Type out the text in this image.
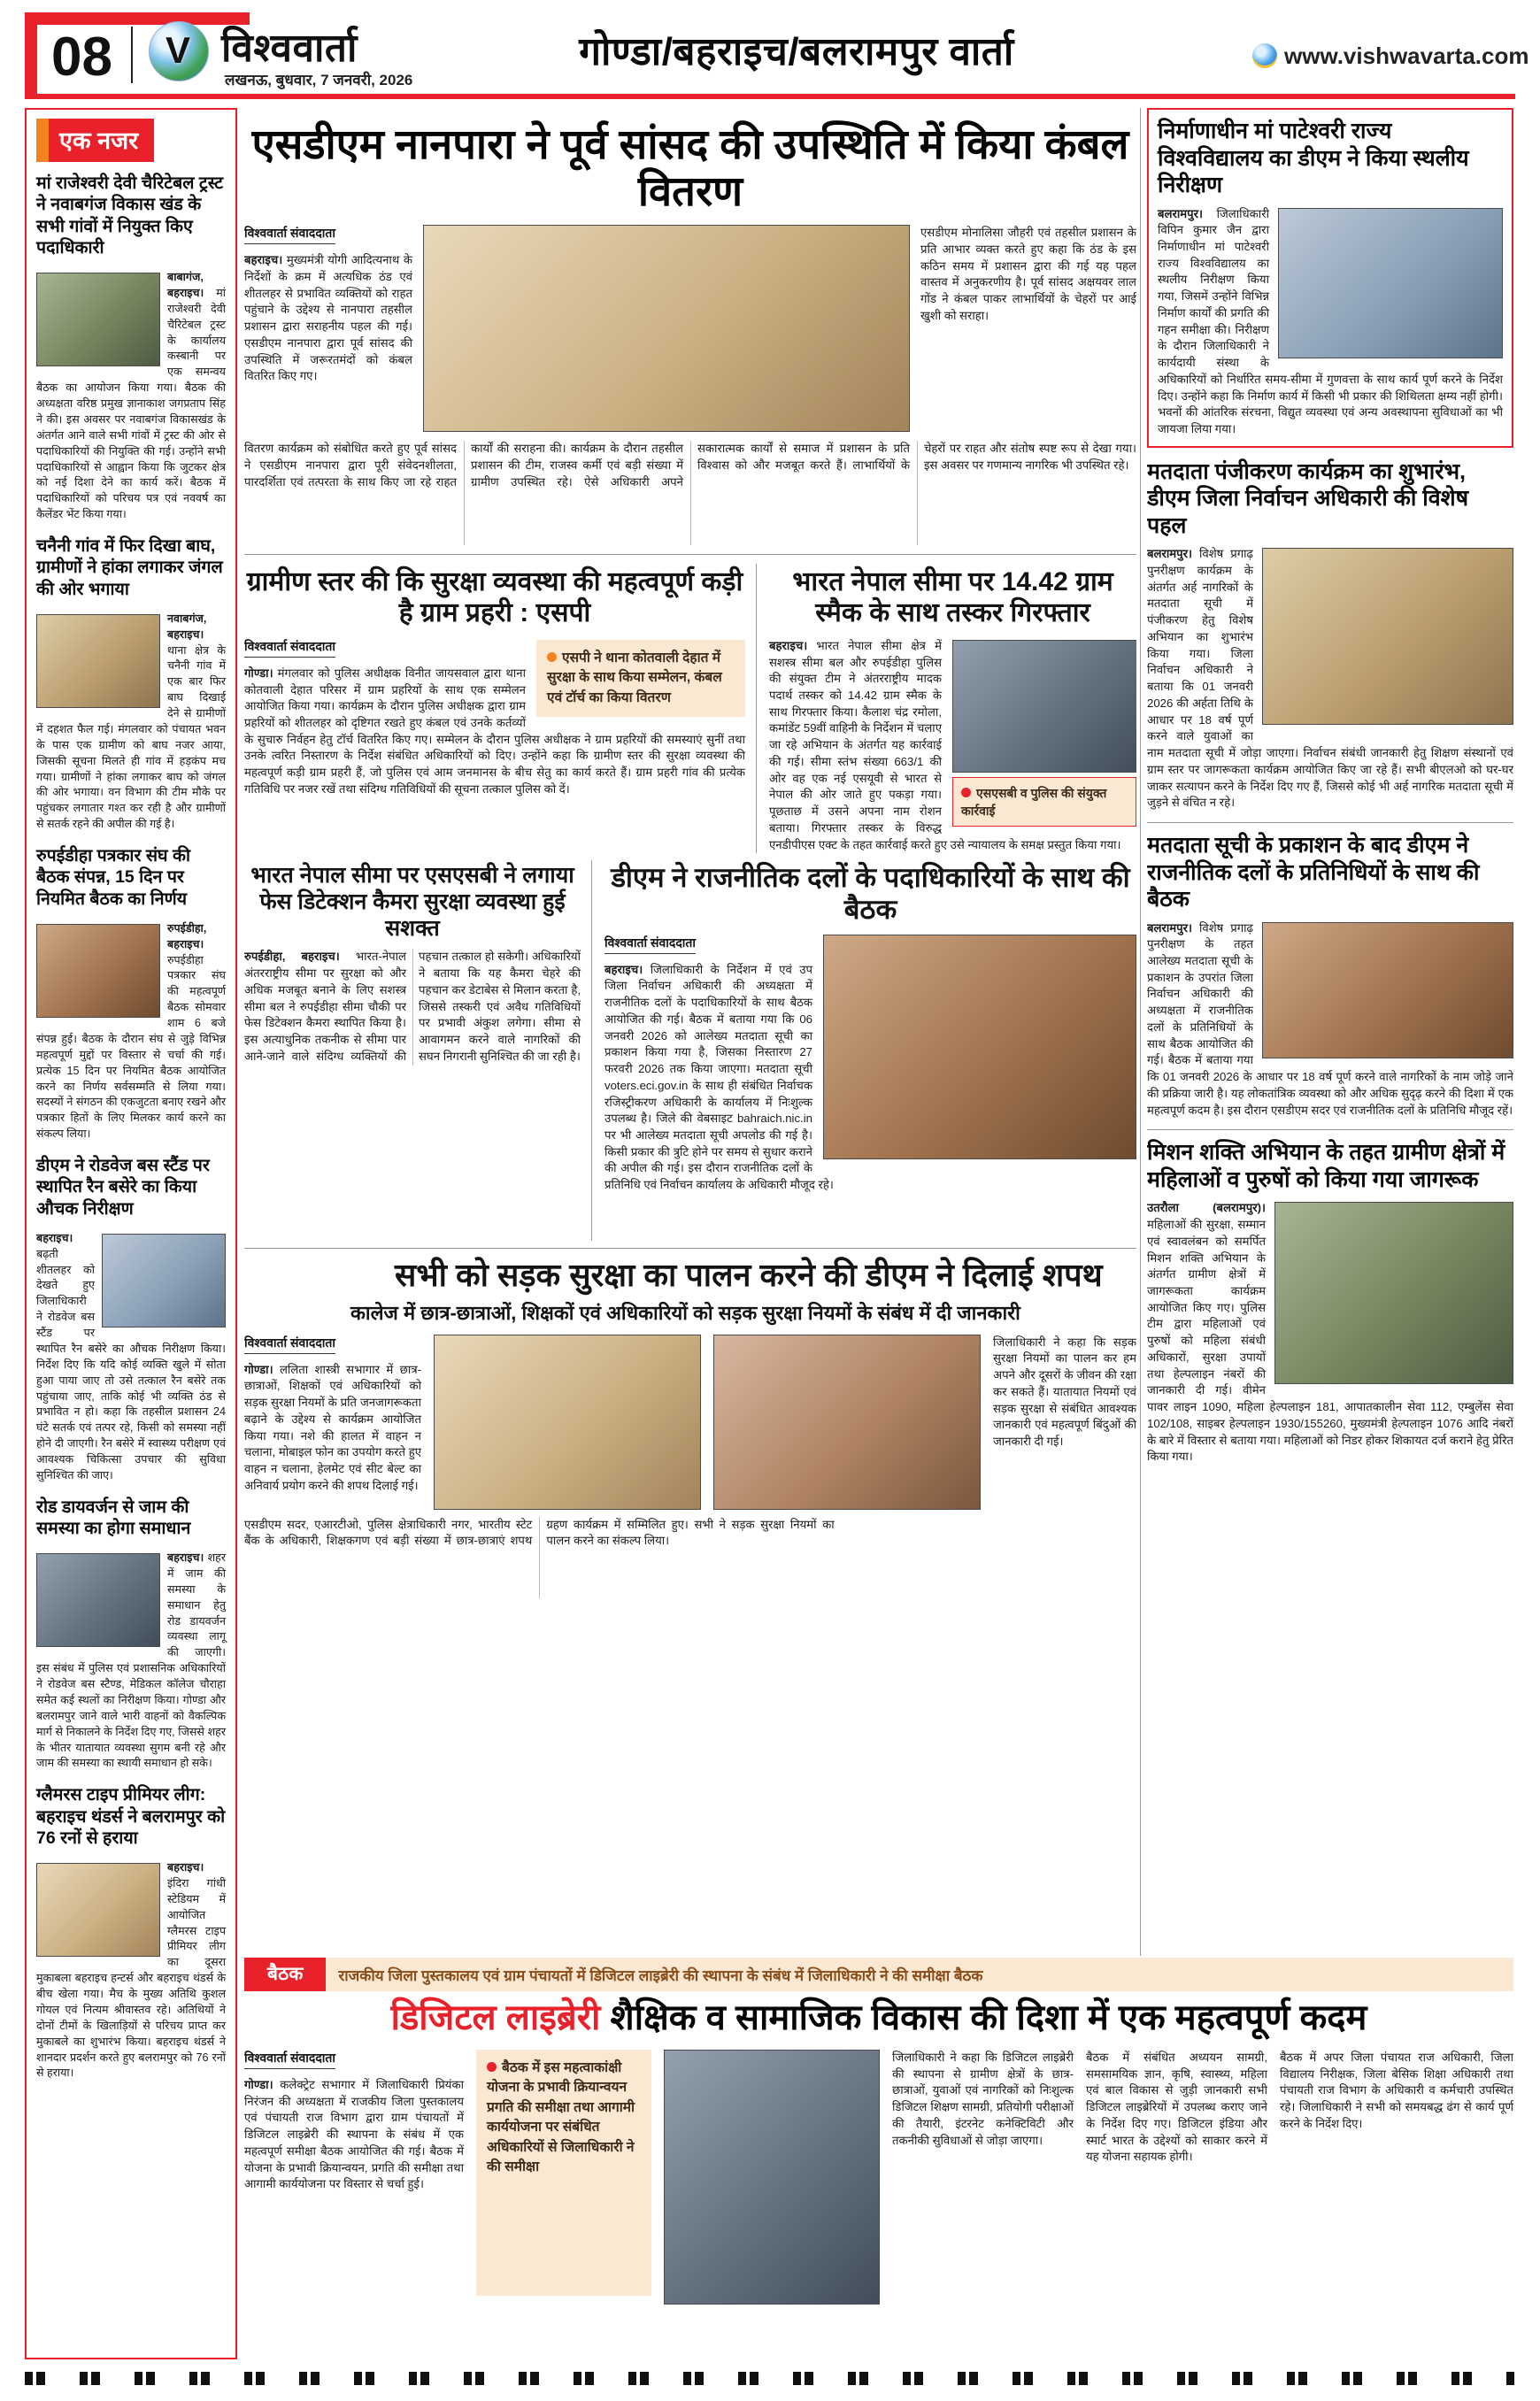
08 V विश्ववार्ता
लखनऊ, बुधवार, 7 जनवरी, 2026
गोण्डा/बहराइच/बलरामपुर वार्ता	www.vishwavarta.com
एक नजर
मां राजेश्वरी देवी चैरिटेबल ट्रस्ट ने नवाबगंज विकास खंड के सभी गांवों में नियुक्त किए पदाधिकारी

बाबागंज, बहराइच। मां राजेश्वरी देवी चैरिटेबल ट्रस्ट के कार्यालय कस्बानी पर एक समन्वय बैठक का आयोजन किया गया। बैठक की अध्यक्षता वरिष्ठ प्रमुख ज्ञानाकाश जगप्रताप सिंह ने की। इस अवसर पर नवाबगंज विकासखंड के अंतर्गत आने वाले सभी गांवों में ट्रस्ट की ओर से पदाधिकारियों की नियुक्ति की गई। उन्होंने सभी पदाधिकारियों से आह्वान किया कि जुटकर क्षेत्र को नई दिशा देने का कार्य करें। बैठक में पदाधिकारियों को परिचय पत्र एवं नववर्ष का कैलेंडर भेंट किया गया।

चनैनी गांव में फिर दिखा बाघ, ग्रामीणों ने हांका लगाकर जंगल की ओर भगाया

नवाबगंज, बहराइच। थाना क्षेत्र के चनैनी गांव में एक बार फिर बाघ दिखाई देने से ग्रामीणों में दहशत फैल गई। मंगलवार को पंचायत भवन के पास एक ग्रामीण को बाघ नजर आया, जिसकी सूचना मिलते ही गांव में हड़कंप मच गया। ग्रामीणों ने हांका लगाकर बाघ को जंगल की ओर भगाया। वन विभाग की टीम मौके पर पहुंचकर लगातार गश्त कर रही है और ग्रामीणों से सतर्क रहने की अपील की गई है।

रुपईडीहा पत्रकार संघ की बैठक संपन्न, 15 दिन पर नियमित बैठक का निर्णय

रुपईडीहा, बहराइच। रुपईडीहा पत्रकार संघ की महत्वपूर्ण बैठक सोमवार शाम 6 बजे संपन्न हुई। बैठक के दौरान संघ से जुड़े विभिन्न महत्वपूर्ण मुद्दों पर विस्तार से चर्चा की गई। प्रत्येक 15 दिन पर नियमित बैठक आयोजित करने का निर्णय सर्वसम्मति से लिया गया। सदस्यों ने संगठन की एकजुटता बनाए रखने और पत्रकार हितों के लिए मिलकर कार्य करने का संकल्प लिया।

डीएम ने रोडवेज बस स्टैंड पर स्थापित रैन बसेरे का किया औचक निरीक्षण

बहराइच। बढ़ती शीतलहर को देखते हुए जिलाधिकारी ने रोडवेज बस स्टैंड पर स्थापित रैन बसेरे का औचक निरीक्षण किया। निर्देश दिए कि यदि कोई व्यक्ति खुले में सोता हुआ पाया जाए तो उसे तत्काल रैन बसेरे तक पहुंचाया जाए, ताकि कोई भी व्यक्ति ठंड से प्रभावित न हो। कहा कि तहसील प्रशासन 24 घंटे सतर्क एवं तत्पर रहे, किसी को समस्या नहीं होने दी जाएगी। रैन बसेरे में स्वास्थ्य परीक्षण एवं आवश्यक चिकित्सा उपचार की सुविधा सुनिश्चित की जाए।

रोड डायवर्जन से जाम की समस्या का होगा समाधान

बहराइच। शहर में जाम की समस्या के समाधान हेतु रोड डायवर्जन व्यवस्था लागू की जाएगी। इस संबंध में पुलिस एवं प्रशासनिक अधिकारियों ने रोडवेज बस स्टैण्ड, मेडिकल कॉलेज चौराहा समेत कई स्थलों का निरीक्षण किया। गोण्डा और बलरामपुर जाने वाले भारी वाहनों को वैकल्पिक मार्ग से निकालने के निर्देश दिए गए, जिससे शहर के भीतर यातायात व्यवस्था सुगम बनी रहे और जाम की समस्या का स्थायी समाधान हो सके।

ग्लैमरस टाइप प्रीमियर लीग: बहराइच थंडर्स ने बलरामपुर को 76 रनों से हराया

बहराइच। इंदिरा गांधी स्टेडियम में आयोजित ग्लैमरस टाइप प्रीमियर लीग का दूसरा मुकाबला बहराइच हन्टर्स और बहराइच थंडर्स के बीच खेला गया। मैच के मुख्य अतिथि कुशल गोयल एवं नित्यम श्रीवास्तव रहे। अतिथियों ने दोनों टीमों के खिलाड़ियों से परिचय प्राप्त कर मुकाबले का शुभारंभ किया। बहराइच थंडर्स ने शानदार प्रदर्शन करते हुए बलरामपुर को 76 रनों से हराया।

एसडीएम नानपारा ने पूर्व सांसद की उपस्थिति में किया कंबल वितरण
विश्ववार्ता संवाददाता

बहराइच। मुख्यमंत्री योगी आदित्यनाथ के निर्देशों के क्रम में अत्यधिक ठंड एवं शीतलहर से प्रभावित व्यक्तियों को राहत पहुंचाने के उद्देश्य से नानपारा तहसील प्रशासन द्वारा सराहनीय पहल की गई। एसडीएम नानपारा द्वारा पूर्व सांसद की उपस्थिति में जरूरतमंदों को कंबल वितरित किए गए।

एसडीएम मोनालिसा जौहरी एवं तहसील प्रशासन के प्रति आभार व्यक्त करते हुए कहा कि ठंड के इस कठिन समय में प्रशासन द्वारा की गई यह पहल वास्तव में अनुकरणीय है। पूर्व सांसद अक्षयवर लाल गोंड ने कंबल पाकर लाभार्थियों के चेहरों पर आई खुशी को सराहा।

वितरण कार्यक्रम को संबोधित करते हुए पूर्व सांसद ने एसडीएम नानपारा द्वारा पूरी संवेदनशीलता, पारदर्शिता एवं तत्परता के साथ किए जा रहे राहत कार्यों की सराहना की। कार्यक्रम के दौरान तहसील प्रशासन की टीम, राजस्व कर्मी एवं बड़ी संख्या में ग्रामीण उपस्थित रहे। ऐसे अधिकारी अपने सकारात्मक कार्यों से समाज में प्रशासन के प्रति विश्वास को और मजबूत करते हैं। लाभार्थियों के चेहरों पर राहत और संतोष स्पष्ट रूप से देखा गया। इस अवसर पर गणमान्य नागरिक भी उपस्थित रहे।
ग्रामीण स्तर की कि सुरक्षा व्यवस्था की महत्वपूर्ण कड़ी है ग्राम प्रहरी : एसपी
एसपी ने थाना कोतवाली देहात में सुरक्षा के साथ किया सम्मेलन, कंबल एवं टॉर्च का किया वितरण
विश्ववार्ता संवाददाता

गोण्डा। मंगलवार को पुलिस अधीक्षक विनीत जायसवाल द्वारा थाना कोतवाली देहात परिसर में ग्राम प्रहरियों के साथ एक सम्मेलन आयोजित किया गया। कार्यक्रम के दौरान पुलिस अधीक्षक द्वारा ग्राम प्रहरियों को शीतलहर को दृष्टिगत रखते हुए कंबल एवं उनके कर्तव्यों के सुचारु निर्वहन हेतु टॉर्च वितरित किए गए। सम्मेलन के दौरान पुलिस अधीक्षक ने ग्राम प्रहरियों की समस्याएं सुनीं तथा उनके त्वरित निस्तारण के निर्देश संबंधित अधिकारियों को दिए। उन्होंने कहा कि ग्रामीण स्तर की सुरक्षा व्यवस्था की महत्वपूर्ण कड़ी ग्राम प्रहरी हैं, जो पुलिस एवं आम जनमानस के बीच सेतु का कार्य करते हैं। ग्राम प्रहरी गांव की प्रत्येक गतिविधि पर नजर रखें तथा संदिग्ध गतिविधियों की सूचना तत्काल पुलिस को दें।

भारत नेपाल सीमा पर 14.42 ग्राम स्मैक के साथ तस्कर गिरफ्तार
एसएसबी व पुलिस की संयुक्त कार्रवाई

बहराइच। भारत नेपाल सीमा क्षेत्र में सशस्त्र सीमा बल और रुपईडीहा पुलिस की संयुक्त टीम ने अंतरराष्ट्रीय मादक पदार्थ तस्कर को 14.42 ग्राम स्मैक के साथ गिरफ्तार किया। कैलाश चंद्र रमोला, कमांडेंट 59वीं वाहिनी के निर्देशन में चलाए जा रहे अभियान के अंतर्गत यह कार्रवाई की गई। सीमा स्तंभ संख्या 663/1 की ओर वह एक नई एसयूवी से भारत से नेपाल की ओर जाते हुए पकड़ा गया। पूछताछ में उसने अपना नाम रोशन बताया। गिरफ्तार तस्कर के विरुद्ध एनडीपीएस एक्ट के तहत कार्रवाई करते हुए उसे न्यायालय के समक्ष प्रस्तुत किया गया।

भारत नेपाल सीमा पर एसएसबी ने लगाया फेस डिटेक्शन कैमरा सुरक्षा व्यवस्था हुई सशक्त

रुपईडीहा, बहराइच। भारत-नेपाल अंतरराष्ट्रीय सीमा पर सुरक्षा को और अधिक मजबूत बनाने के लिए सशस्त्र सीमा बल ने रुपईडीहा सीमा चौकी पर फेस डिटेक्शन कैमरा स्थापित किया है। इस अत्याधुनिक तकनीक से सीमा पार आने-जाने वाले संदिग्ध व्यक्तियों की पहचान तत्काल हो सकेगी। अधिकारियों ने बताया कि यह कैमरा चेहरे की पहचान कर डेटाबेस से मिलान करता है, जिससे तस्करी एवं अवैध गतिविधियों पर प्रभावी अंकुश लगेगा। सीमा से आवागमन करने वाले नागरिकों की सघन निगरानी सुनिश्चित की जा रही है।

डीएम ने राजनीतिक दलों के पदाधिकारियों के साथ की बैठक
विश्ववार्ता संवाददाता

बहराइच। जिलाधिकारी के निर्देशन में एवं उप जिला निर्वाचन अधिकारी की अध्यक्षता में राजनीतिक दलों के पदाधिकारियों के साथ बैठक आयोजित की गई। बैठक में बताया गया कि 06 जनवरी 2026 को आलेख्य मतदाता सूची का प्रकाशन किया गया है, जिसका निस्तारण 27 फरवरी 2026 तक किया जाएगा। मतदाता सूची voters.eci.gov.in के साथ ही संबंधित निर्वाचक रजिस्ट्रीकरण अधिकारी के कार्यालय में निःशुल्क उपलब्ध है। जिले की वेबसाइट bahraich.nic.in पर भी आलेख्य मतदाता सूची अपलोड की गई है। किसी प्रकार की त्रुटि होने पर समय से सुधार कराने की अपील की गई। इस दौरान राजनीतिक दलों के प्रतिनिधि एवं निर्वाचन कार्यालय के अधिकारी मौजूद रहे।

सभी को सड़क सुरक्षा का पालन करने की डीएम ने दिलाई शपथ
कालेज में छात्र-छात्राओं, शिक्षकों एवं अधिकारियों को सड़क सुरक्षा नियमों के संबंध में दी जानकारी
विश्ववार्ता संवाददाता

गोण्डा। ललिता शास्त्री सभागार में छात्र-छात्राओं, शिक्षकों एवं अधिकारियों को सड़क सुरक्षा नियमों के प्रति जनजागरूकता बढ़ाने के उद्देश्य से कार्यक्रम आयोजित किया गया। नशे की हालत में वाहन न चलाना, मोबाइल फोन का उपयोग करते हुए वाहन न चलाना, हेलमेट एवं सीट बेल्ट का अनिवार्य प्रयोग करने की शपथ दिलाई गई।

जिलाधिकारी ने कहा कि सड़क सुरक्षा नियमों का पालन कर हम अपने और दूसरों के जीवन की रक्षा कर सकते हैं। यातायात नियमों एवं सड़क सुरक्षा से संबंधित आवश्यक जानकारी एवं महत्वपूर्ण बिंदुओं की जानकारी दी गई।

एसडीएम सदर, एआरटीओ, पुलिस क्षेत्राधिकारी नगर, भारतीय स्टेट बैंक के अधिकारी, शिक्षकगण एवं बड़ी संख्या में छात्र-छात्राएं शपथ ग्रहण कार्यक्रम में सम्मिलित हुए। सभी ने सड़क सुरक्षा नियमों का पालन करने का संकल्प लिया।
निर्माणाधीन मां पाटेश्वरी राज्य विश्वविद्यालय का डीएम ने किया स्थलीय निरीक्षण

बलरामपुर। जिलाधिकारी विपिन कुमार जैन द्वारा निर्माणाधीन मां पाटेश्वरी राज्य विश्वविद्यालय का स्थलीय निरीक्षण किया गया, जिसमें उन्होंने विभिन्न निर्माण कार्यों की प्रगति की गहन समीक्षा की। निरीक्षण के दौरान जिलाधिकारी ने कार्यदायी संस्था के अधिकारियों को निर्धारित समय-सीमा में गुणवत्ता के साथ कार्य पूर्ण करने के निर्देश दिए। उन्होंने कहा कि निर्माण कार्य में किसी भी प्रकार की शिथिलता क्षम्य नहीं होगी। भवनों की आंतरिक संरचना, विद्युत व्यवस्था एवं अन्य अवस्थापना सुविधाओं का भी जायजा लिया गया।

मतदाता पंजीकरण कार्यक्रम का शुभारंभ, डीएम जिला निर्वाचन अधिकारी की विशेष पहल

बलरामपुर। विशेष प्रगाढ़ पुनरीक्षण कार्यक्रम के अंतर्गत अर्ह नागरिकों के मतदाता सूची में पंजीकरण हेतु विशेष अभियान का शुभारंभ किया गया। जिला निर्वाचन अधिकारी ने बताया कि 01 जनवरी 2026 की अर्हता तिथि के आधार पर 18 वर्ष पूर्ण करने वाले युवाओं का नाम मतदाता सूची में जोड़ा जाएगा। निर्वाचन संबंधी जानकारी हेतु शिक्षण संस्थानों एवं ग्राम स्तर पर जागरूकता कार्यक्रम आयोजित किए जा रहे हैं। सभी बीएलओ को घर-घर जाकर सत्यापन करने के निर्देश दिए गए हैं, जिससे कोई भी अर्ह नागरिक मतदाता सूची में जुड़ने से वंचित न रहे।

मतदाता सूची के प्रकाशन के बाद डीएम ने राजनीतिक दलों के प्रतिनिधियों के साथ की बैठक

बलरामपुर। विशेष प्रगाढ़ पुनरीक्षण के तहत आलेख्य मतदाता सूची के प्रकाशन के उपरांत जिला निर्वाचन अधिकारी की अध्यक्षता में राजनीतिक दलों के प्रतिनिधियों के साथ बैठक आयोजित की गई। बैठक में बताया गया कि 01 जनवरी 2026 के आधार पर 18 वर्ष पूर्ण करने वाले नागरिकों के नाम जोड़े जाने की प्रक्रिया जारी है। यह लोकतांत्रिक व्यवस्था को और अधिक सुदृढ़ करने की दिशा में एक महत्वपूर्ण कदम है। इस दौरान एसडीएम सदर एवं राजनीतिक दलों के प्रतिनिधि मौजूद रहें।

मिशन शक्ति अभियान के तहत ग्रामीण क्षेत्रों में महिलाओं व पुरुषों को किया गया जागरूक

उतरौला (बलरामपुर)। महिलाओं की सुरक्षा, सम्मान एवं स्वावलंबन को समर्पित मिशन शक्ति अभियान के अंतर्गत ग्रामीण क्षेत्रों में जागरूकता कार्यक्रम आयोजित किए गए। पुलिस टीम द्वारा महिलाओं एवं पुरुषों को महिला संबंधी अधिकारों, सुरक्षा उपायों तथा हेल्पलाइन नंबरों की जानकारी दी गई। वीमेन पावर लाइन 1090, महिला हेल्पलाइन 181, आपातकालीन सेवा 112, एम्बुलेंस सेवा 102/108, साइबर हेल्पलाइन 1930/155260, मुख्यमंत्री हेल्पलाइन 1076 आदि नंबरों के बारे में विस्तार से बताया गया। महिलाओं को निडर होकर शिकायत दर्ज कराने हेतु प्रेरित किया गया।

बैठक	राजकीय जिला पुस्तकालय एवं ग्राम पंचायतों में डिजिटल लाइब्रेरी की स्थापना के संबंध में जिलाधिकारी ने की समीक्षा बैठक
डिजिटल लाइब्रेरी शैक्षिक व सामाजिक विकास की दिशा में एक महत्वपूर्ण कदम
विश्ववार्ता संवाददाता

गोण्डा। कलेक्ट्रेट सभागार में जिलाधिकारी प्रियंका निरंजन की अध्यक्षता में राजकीय जिला पुस्तकालय एवं पंचायती राज विभाग द्वारा ग्राम पंचायतों में डिजिटल लाइब्रेरी की स्थापना के संबंध में एक महत्वपूर्ण समीक्षा बैठक आयोजित की गई। बैठक में योजना के प्रभावी क्रियान्वयन, प्रगति की समीक्षा तथा आगामी कार्ययोजना पर विस्तार से चर्चा हुई।

बैठक में इस महत्वाकांक्षी योजना के प्रभावी क्रियान्वयन प्रगति की समीक्षा तथा आगामी कार्ययोजना पर संबंधित अधिकारियों से जिलाधिकारी ने की समीक्षा

जिलाधिकारी ने कहा कि डिजिटल लाइब्रेरी की स्थापना से ग्रामीण क्षेत्रों के छात्र-छात्राओं, युवाओं एवं नागरिकों को निःशुल्क डिजिटल शिक्षण सामग्री, प्रतियोगी परीक्षाओं की तैयारी, इंटरनेट कनेक्टिविटी और तकनीकी सुविधाओं से जोड़ा जाएगा।

बैठक में संबंधित अध्ययन सामग्री, समसामयिक ज्ञान, कृषि, स्वास्थ्य, महिला एवं बाल विकास से जुड़ी जानकारी सभी डिजिटल लाइब्रेरियों में उपलब्ध कराए जाने के निर्देश दिए गए। डिजिटल इंडिया और स्मार्ट भारत के उद्देश्यों को साकार करने में यह योजना सहायक होगी।

बैठक में अपर जिला पंचायत राज अधिकारी, जिला विद्यालय निरीक्षक, जिला बेसिक शिक्षा अधिकारी तथा पंचायती राज विभाग के अधिकारी व कर्मचारी उपस्थित रहे। जिलाधिकारी ने सभी को समयबद्ध ढंग से कार्य पूर्ण करने के निर्देश दिए।
